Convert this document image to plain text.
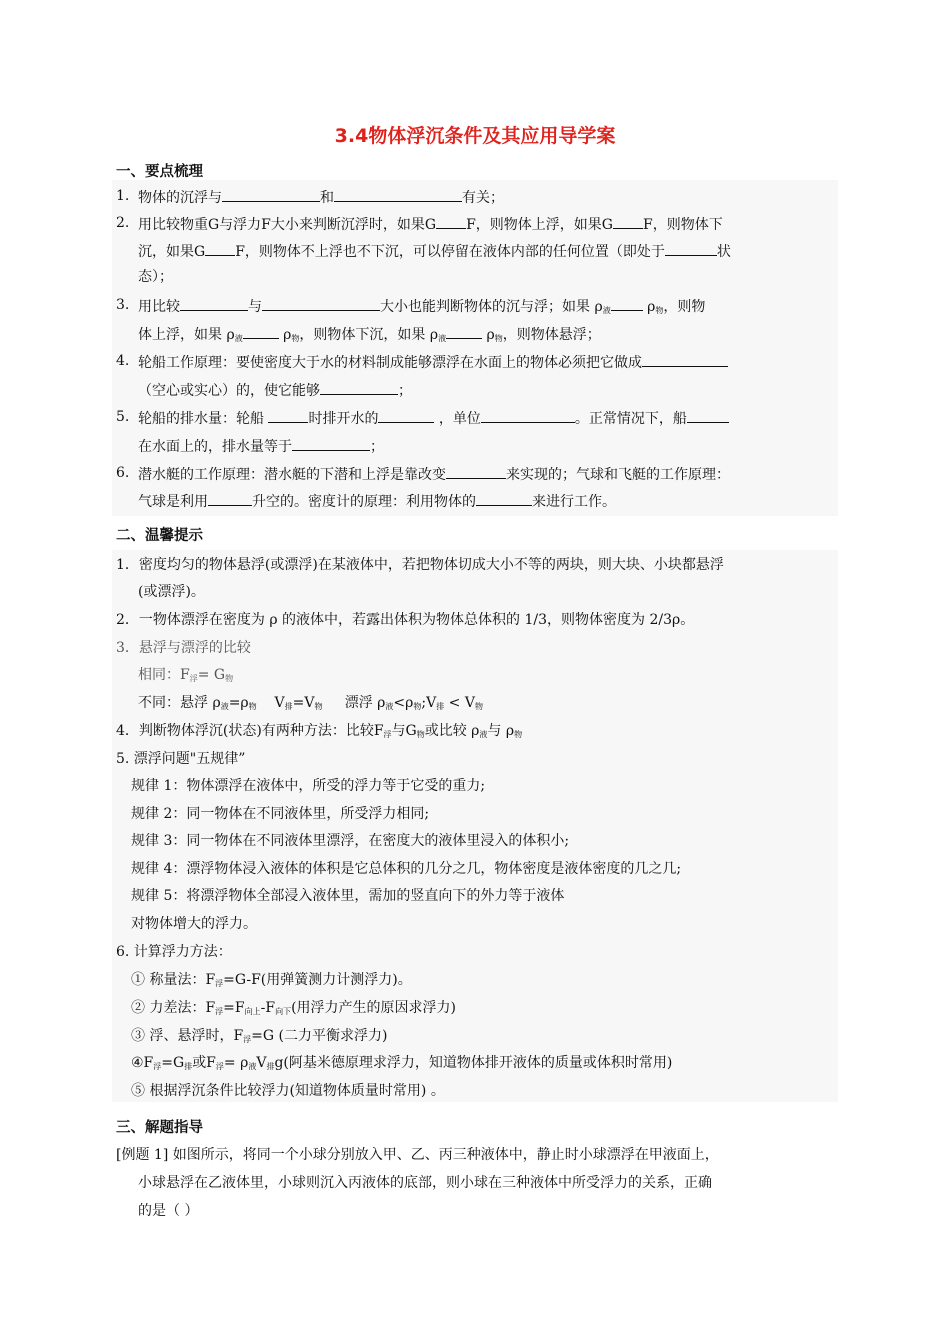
3.4物体浮沉条件及其应用导学案
一、要点梳理
1. 物体的沉浮与	和	有关；
2. 用比较物重G与浮力F大小来判断沉浮时，如果G F，则物体上浮，如果G F，则物体下
沉，如果G F，则物体不上浮也不下沉，可以停留在液体内部的任何位置（即处于	状
态）；
3. 用比较	与	大小也能判断物体的沉与浮；如果 $\rho_液$ $\rho_物$，则物
体上浮，如果 $\rho_液$	$\rho_物$，则物体下沉，如果 $\rho_液$	$\rho_物$，则物体悬浮；
4. 轮船工作原理：要使密度大于水的材料制成能够漂浮在水面上的物体必须把它做成
（空心或实心）的，使它能够	；
5. 轮船的排水量：轮船	时排开水的	，单位	。正常情况下，船
在水面上的，排水量等于	；
6. 潜水艇的工作原理：潜水艇的下潜和上浮是靠改变	来实现的；气球和飞艇的工作原理：
气球是利用	升空的。密度计的原理：利用物体的	来进行工作。
二、温馨提示
1．密度均匀的物体悬浮(或漂浮)在某液体中，若把物体切成大小不等的两块，则大块、小块都悬浮
(或漂浮)。
2．一物体漂浮在密度为 ρ 的液体中，若露出体积为物体总体积的 1/3，则物体密度为 2/3ρ。
3．悬浮与漂浮的比较
相同：$F_浮= G_物$
不同：悬浮 $\rho_液=\rho_物$ $V_排=V_物$ 漂浮 $\rho_液<\rho_物;V_排 < V_物$
4．判断物体浮沉(状态)有两种方法：比较$F_浮$与$G_物$或比较 $\rho_液$与 $\rho_物$
5. 漂浮问题"五规律”
规律 1：物体漂浮在液体中，所受的浮力等于它受的重力;
规律 2：同一物体在不同液体里，所受浮力相同;
规律 3：同一物体在不同液体里漂浮，在密度大的液体里浸入的体积小;
规律 4：漂浮物体浸入液体的体积是它总体积的几分之几，物体密度是液体密度的几之几;
规律 5：将漂浮物体全部浸入液体里，需加的竖直向下的外力等于液体
对物体增大的浮力。
6. 计算浮力方法：
① 称量法：$F_浮=G-F$(用弹簧测力计测浮力)。
② 力差法：$F_浮=F_{向上}-F_{向下}$(用浮力产生的原因求浮力)
③ 浮、悬浮时，$F_浮=G$ (二力平衡求浮力)
$④F_浮=G_排$或$F_浮= \rho_液V_排g$(阿基米德原理求浮力，知道物体排开液体的质量或体积时常用)
⑤ 根据浮沉条件比较浮力(知道物体质量时常用) 。
三、解题指导
[例题 1] 如图所示，将同一个小球分别放入甲、乙、丙三种液体中，静止时小球漂浮在甲液面上，
小球悬浮在乙液体里，小球则沉入丙液体的底部，则小球在三种液体中所受浮力的关系，正确
的是（ ）
